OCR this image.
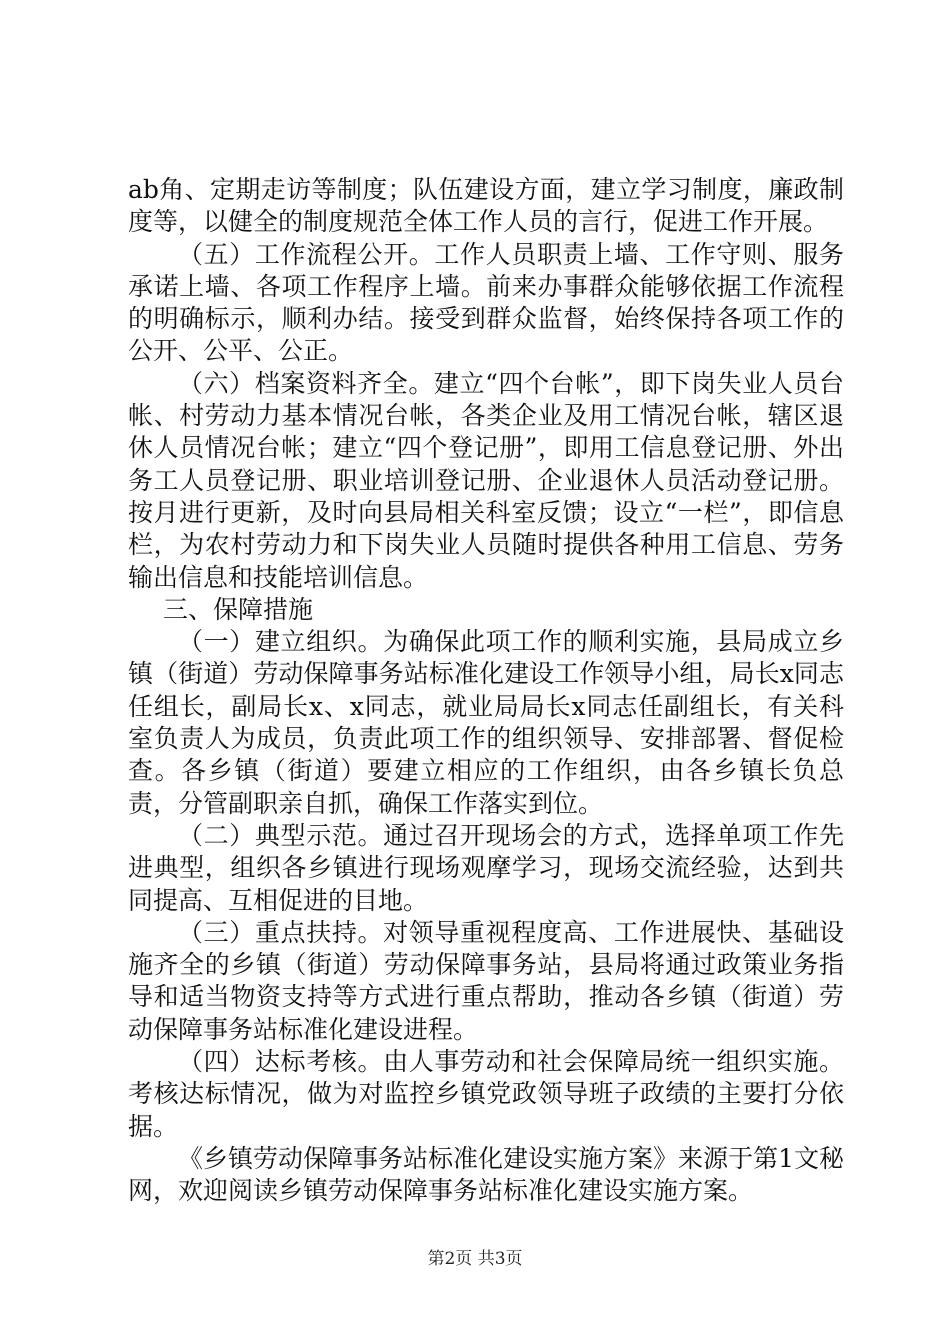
ab角、定期走访等制度；队伍建设方面，建立学习制度，廉政制度等，以健全的制度规范全体工作人员的言行，促进工作开展。

（五）工作流程公开。工作人员职责上墙、工作守则、服务承诺上墙、各项工作程序上墙。前来办事群众能够依据工作流程的明确标示，顺利办结。接受到群众监督，始终保持各项工作的公开、公平、公正。

（六）档案资料齐全。建立“四个台帐”，即下岗失业人员台帐、村劳动力基本情况台帐，各类企业及用工情况台帐，辖区退休人员情况台帐；建立“四个登记册”，即用工信息登记册、外出务工人员登记册、职业培训登记册、企业退休人员活动登记册。按月进行更新，及时向县局相关科室反馈；设立“一栏”，即信息栏，为农村劳动力和下岗失业人员随时提供各种用工信息、劳务输出信息和技能培训信息。

三、保障措施

（一）建立组织。为确保此项工作的顺利实施，县局成立乡镇（街道）劳动保障事务站标准化建设工作领导小组，局长x同志任组长，副局长x、x同志，就业局局长x同志任副组长，有关科室负责人为成员，负责此项工作的组织领导、安排部署、督促检查。各乡镇（街道）要建立相应的工作组织，由各乡镇长负总责，分管副职亲自抓，确保工作落实到位。

（二）典型示范。通过召开现场会的方式，选择单项工作先进典型，组织各乡镇进行现场观摩学习，现场交流经验，达到共同提高、互相促进的目地。

（三）重点扶持。对领导重视程度高、工作进展快、基础设施齐全的乡镇（街道）劳动保障事务站，县局将通过政策业务指导和适当物资支持等方式进行重点帮助，推动各乡镇（街道）劳动保障事务站标准化建设进程。

（四）达标考核。由人事劳动和社会保障局统一组织实施。考核达标情况，做为对监控乡镇党政领导班子政绩的主要打分依据。

《乡镇劳动保障事务站标准化建设实施方案》来源于第1文秘网，欢迎阅读乡镇劳动保障事务站标准化建设实施方案。

第2页 共3页
